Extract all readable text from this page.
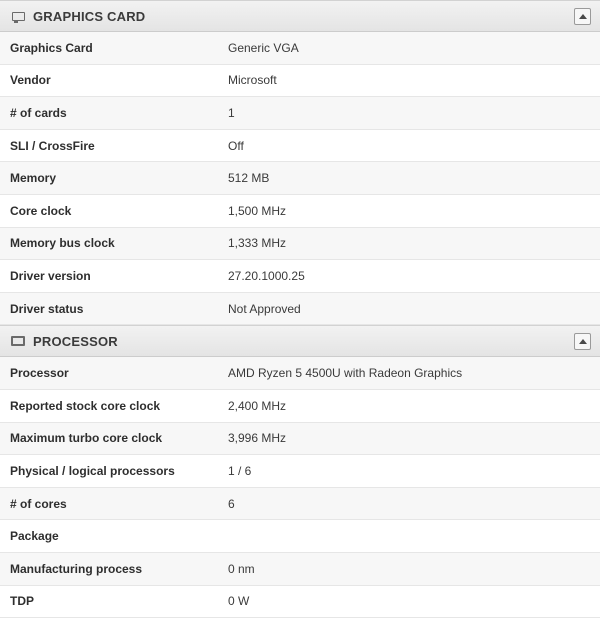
GRAPHICS CARD
Graphics Card	Generic VGA
Vendor	Microsoft
# of cards	1
SLI / CrossFire	Off
Memory	512 MB
Core clock	1,500 MHz
Memory bus clock	1,333 MHz
Driver version	27.20.1000.25
Driver status	Not Approved
PROCESSOR
Processor	AMD Ryzen 5 4500U with Radeon Graphics
Reported stock core clock	2,400 MHz
Maximum turbo core clock	3,996 MHz
Physical / logical processors	1 / 6
# of cores	6
Package
Manufacturing process	0 nm
TDP	0 W
